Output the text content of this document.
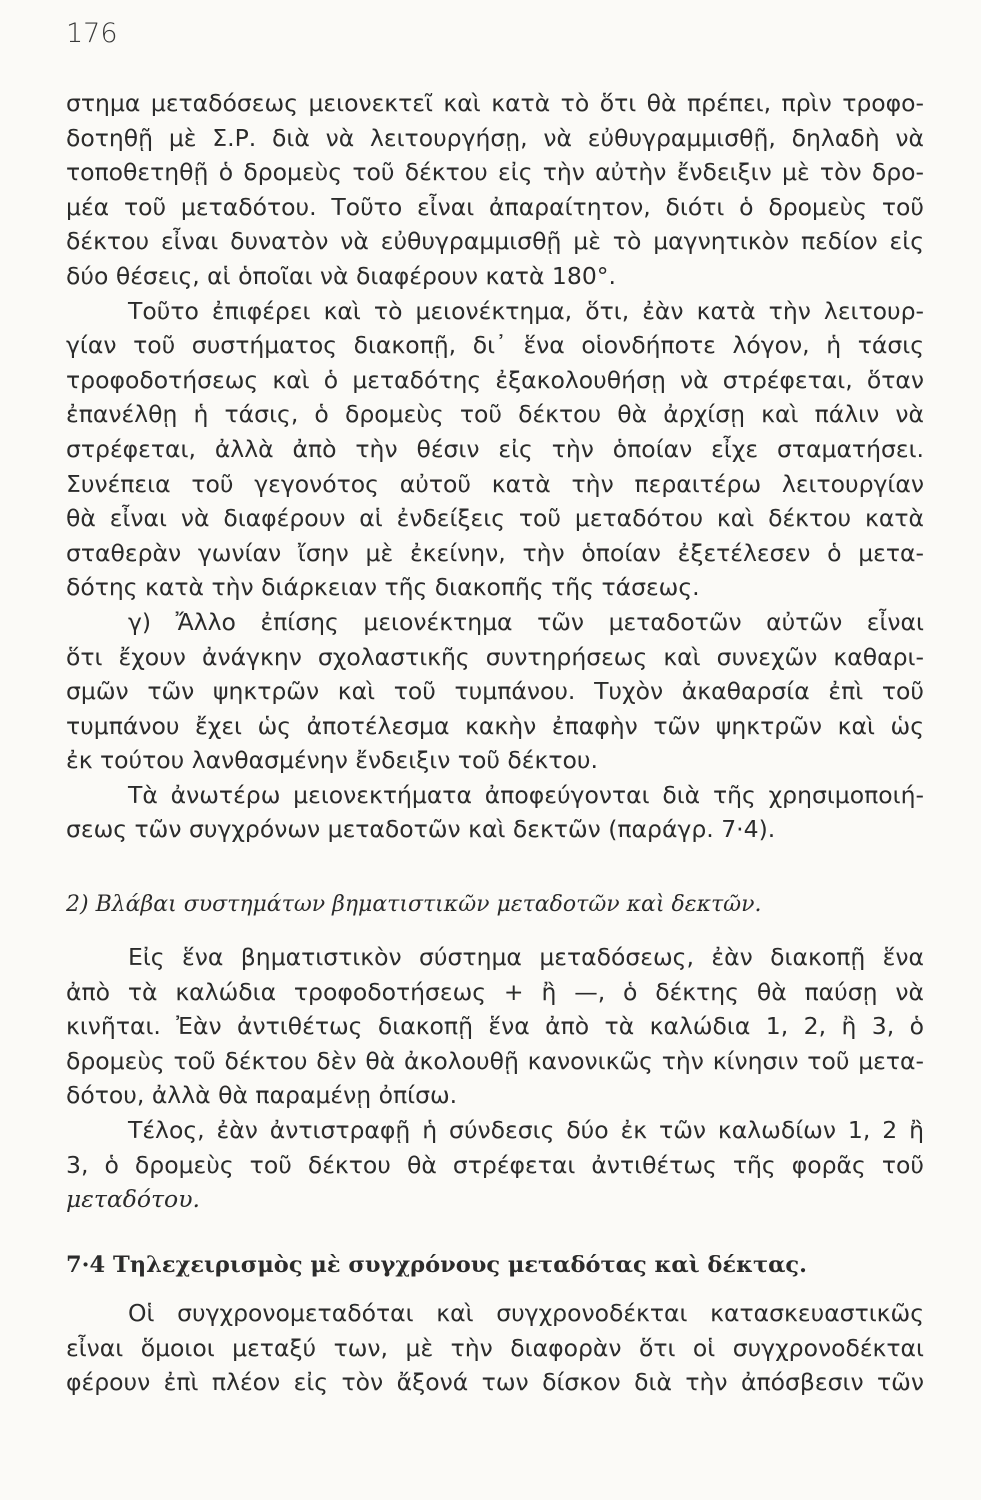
176
στημα μεταδόσεως μειονεκτεῖ καὶ κατὰ τὸ ὅτι θὰ πρέπει, πρὶν τροφο-
δοτηθῇ μὲ Σ.Ρ. διὰ νὰ λειτουργήσῃ, νὰ εὐθυγραμμισθῇ, δηλαδὴ νὰ
τοποθετηθῇ ὁ δρομεὺς τοῦ δέκτου εἰς τὴν αὐτὴν ἔνδειξιν μὲ τὸν δρο-
μέα τοῦ μεταδότου. Τοῦτο εἶναι ἀπαραίτητον, διότι ὁ δρομεὺς τοῦ
δέκτου εἶναι δυνατὸν νὰ εὐθυγραμμισθῇ μὲ τὸ μαγνητικὸν πεδίον εἰς
δύο θέσεις, αἱ ὁποῖαι νὰ διαφέρουν κατὰ 180°.
Τοῦτο ἐπιφέρει καὶ τὸ μειονέκτημα, ὅτι, ἐὰν κατὰ τὴν λειτουρ-
γίαν τοῦ συστήματος διακοπῇ, δι᾽ ἕνα οἱονδήποτε λόγον, ἡ τάσις
τροφοδοτήσεως καὶ ὁ μεταδότης ἐξακολουθήσῃ νὰ στρέφεται, ὅταν
ἐπανέλθῃ ἡ τάσις, ὁ δρομεὺς τοῦ δέκτου θὰ ἀρχίσῃ καὶ πάλιν νὰ
στρέφεται, ἀλλὰ ἀπὸ τὴν θέσιν εἰς τὴν ὁποίαν εἶχε σταματήσει.
Συνέπεια τοῦ γεγονότος αὐτοῦ κατὰ τὴν περαιτέρω λειτουργίαν
θὰ εἶναι νὰ διαφέρουν αἱ ἐνδείξεις τοῦ μεταδότου καὶ δέκτου κατὰ
σταθερὰν γωνίαν ἴσην μὲ ἐκείνην, τὴν ὁποίαν ἐξετέλεσεν ὁ μετα-
δότης κατὰ τὴν διάρκειαν τῆς διακοπῆς τῆς τάσεως.
γ) Ἄλλο ἐπίσης μειονέκτημα τῶν μεταδοτῶν αὐτῶν εἶναι
ὅτι ἔχουν ἀνάγκην σχολαστικῆς συντηρήσεως καὶ συνεχῶν καθαρι-
σμῶν τῶν ψηκτρῶν καὶ τοῦ τυμπάνου. Τυχὸν ἀκαθαρσία ἐπὶ τοῦ
τυμπάνου ἔχει ὡς ἀποτέλεσμα κακὴν ἐπαφὴν τῶν ψηκτρῶν καὶ ὡς
ἐκ τούτου λανθασμένην ἔνδειξιν τοῦ δέκτου.
Τὰ ἀνωτέρω μειονεκτήματα ἀποφεύγονται διὰ τῆς χρησιμοποιή-
σεως τῶν συγχρόνων μεταδοτῶν καὶ δεκτῶν (παράγρ. 7·4).
2) Βλάβαι συστημάτων βηματιστικῶν μεταδοτῶν καὶ δεκτῶν.
Εἰς ἕνα βηματιστικὸν σύστημα μεταδόσεως, ἐὰν διακοπῇ ἕνα
ἀπὸ τὰ καλώδια τροφοδοτήσεως + ἢ —, ὁ δέκτης θὰ παύσῃ νὰ
κινῆται. Ἐὰν ἀντιθέτως διακοπῇ ἕνα ἀπὸ τὰ καλώδια 1, 2, ἢ 3, ὁ
δρομεὺς τοῦ δέκτου δὲν θὰ ἀκολουθῇ κανονικῶς τὴν κίνησιν τοῦ μετα-
δότου, ἀλλὰ θὰ παραμένῃ ὀπίσω.
Τέλος, ἐὰν ἀντιστραφῇ ἡ σύνδεσις δύο ἐκ τῶν καλωδίων 1, 2 ἢ
3, ὁ δρομεὺς τοῦ δέκτου θὰ στρέφεται ἀντιθέτως τῆς φορᾶς τοῦ
μεταδότου.
7·4 Τηλεχειρισμὸς μὲ συγχρόνους μεταδότας καὶ δέκτας.
Οἱ συγχρονομεταδόται καὶ συγχρονοδέκται κατασκευαστικῶς
εἶναι ὅμοιοι μεταξύ των, μὲ τὴν διαφορὰν ὅτι οἱ συγχρονοδέκται
φέρουν ἐπὶ πλέον εἰς τὸν ἄξονά των δίσκον διὰ τὴν ἀπόσβεσιν τῶν
